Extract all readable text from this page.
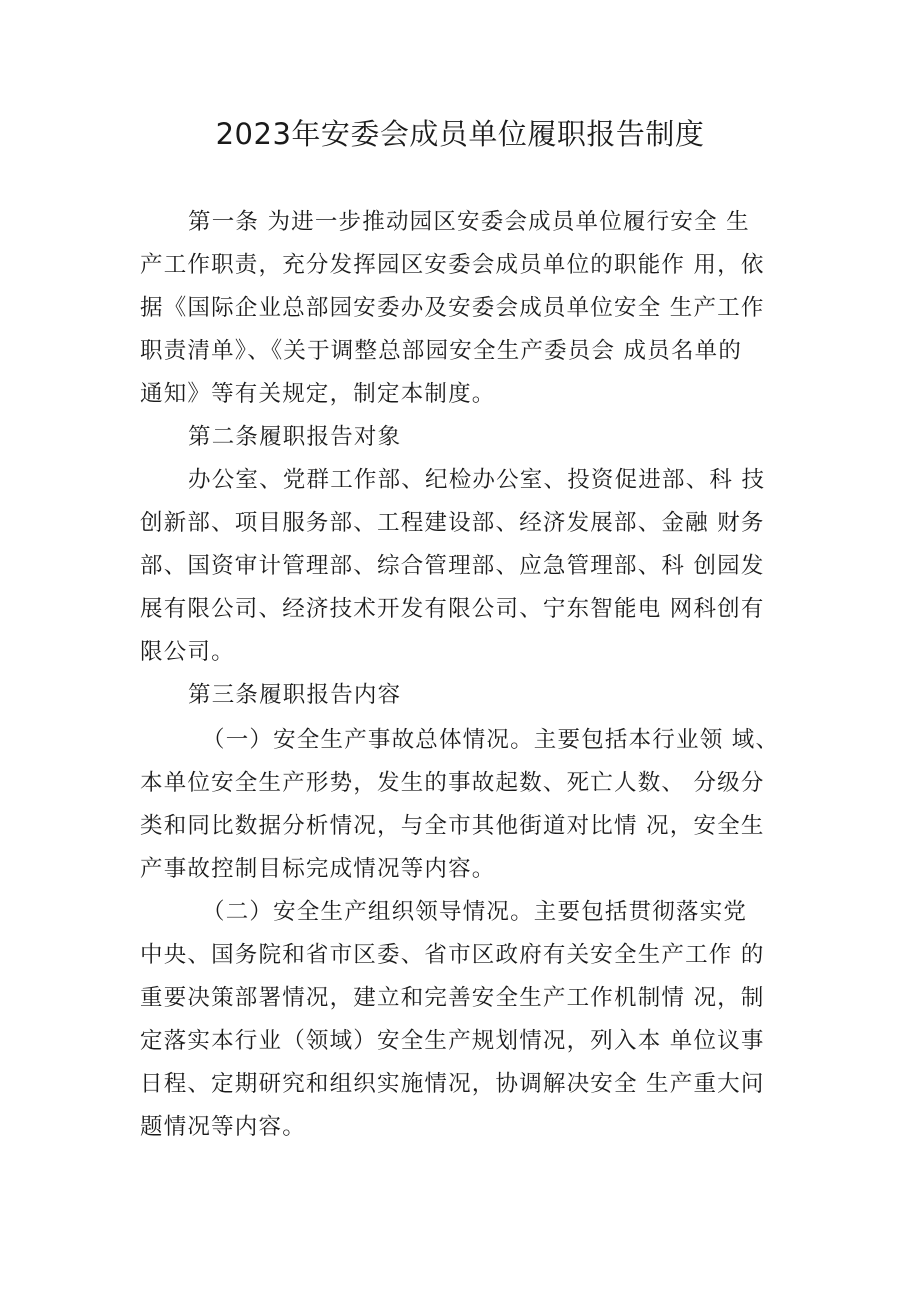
2023年安委会成员单位履职报告制度
第一条 为进一步推动园区安委会成员单位履行安全 生
产工作职责，充分发挥园区安委会成员单位的职能作 用，依
据《国际企业总部园安委办及安委会成员单位安全 生产工作
职责清单》、《关于调整总部园安全生产委员会 成员名单的
通知》等有关规定，制定本制度。
第二条履职报告对象
办公室、党群工作部、纪检办公室、投资促进部、科 技
创新部、项目服务部、工程建设部、经济发展部、金融 财务
部、国资审计管理部、综合管理部、应急管理部、科 创园发
展有限公司、经济技术开发有限公司、宁东智能电 网科创有
限公司。
第三条履职报告内容
（一）安全生产事故总体情况。主要包括本行业领 域、
本单位安全生产形势，发生的事故起数、死亡人数、 分级分
类和同比数据分析情况，与全市其他街道对比情 况，安全生
产事故控制目标完成情况等内容。
（二）安全生产组织领导情况。主要包括贯彻落实党
中央、国务院和省市区委、省市区政府有关安全生产工作 的
重要决策部署情况，建立和完善安全生产工作机制情 况，制
定落实本行业（领域）安全生产规划情况，列入本 单位议事
日程、定期研究和组织实施情况，协调解决安全 生产重大问
题情况等内容。
